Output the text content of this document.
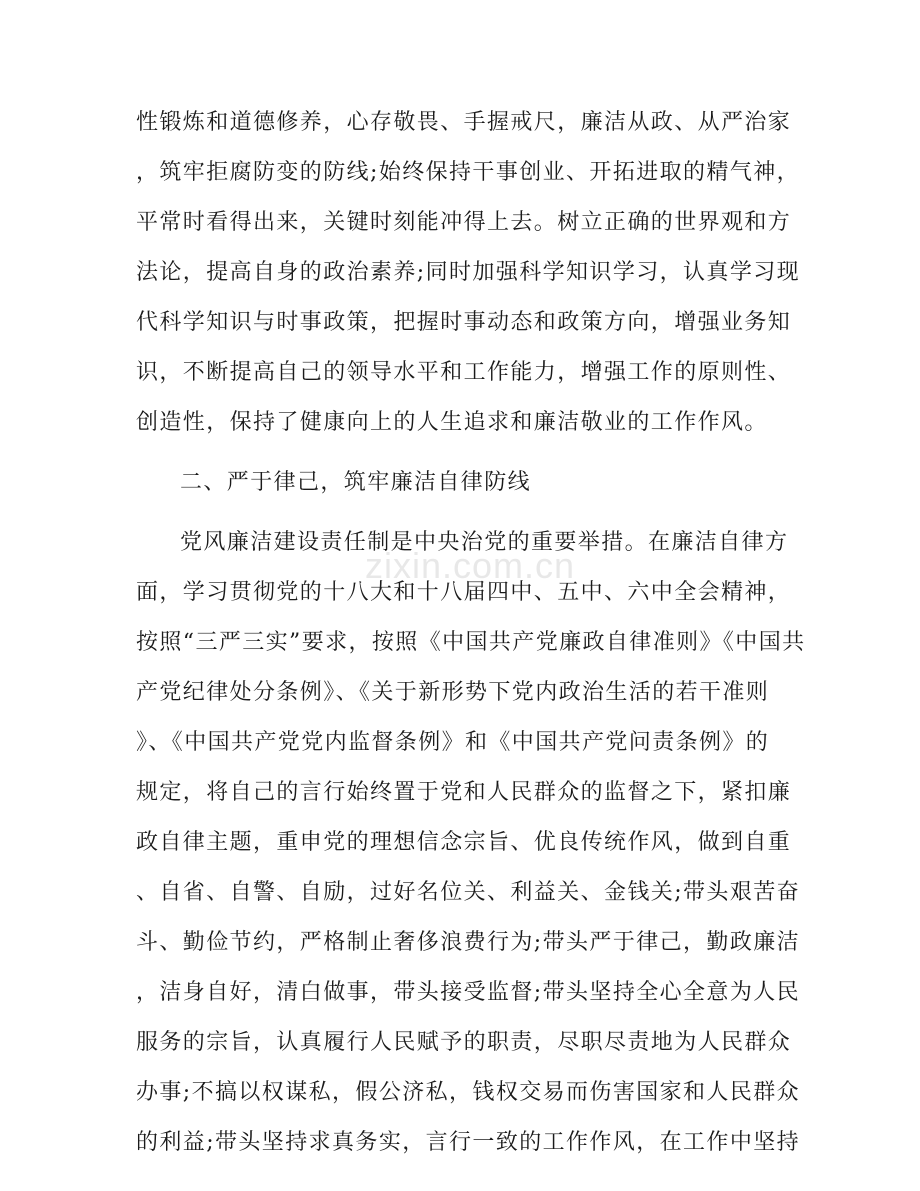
zixin.com.cn
性锻炼和道德修养，心存敬畏、手握戒尺，廉洁从政、从严治家
，筑牢拒腐防变的防线;始终保持干事创业、开拓进取的精气神，
平常时看得出来，关键时刻能冲得上去。树立正确的世界观和方
法论，提高自身的政治素养;同时加强科学知识学习，认真学习现
代科学知识与时事政策，把握时事动态和政策方向，增强业务知
识，不断提高自己的领导水平和工作能力，增强工作的原则性、
创造性，保持了健康向上的人生追求和廉洁敬业的工作作风。
二、严于律己，筑牢廉洁自律防线
党风廉洁建设责任制是中央治党的重要举措。在廉洁自律方
面，学习贯彻党的十八大和十八届四中、五中、六中全会精神，
按照“三严三实”要求，按照《中国共产党廉政自律准则》《中国共
产党纪律处分条例》、《关于新形势下党内政治生活的若干准则
》、《中国共产党党内监督条例》和《中国共产党问责条例》的
规定，将自己的言行始终置于党和人民群众的监督之下，紧扣廉
政自律主题，重申党的理想信念宗旨、优良传统作风，做到自重
、自省、自警、自励，过好名位关、利益关、金钱关;带头艰苦奋
斗、勤俭节约，严格制止奢侈浪费行为;带头严于律己，勤政廉洁
，洁身自好，清白做事，带头接受监督;带头坚持全心全意为人民
服务的宗旨，认真履行人民赋予的职责，尽职尽责地为人民群众
办事;不搞以权谋私，假公济私，钱权交易而伤害国家和人民群众
的利益;带头坚持求真务实，言行一致的工作作风，在工作中坚持
